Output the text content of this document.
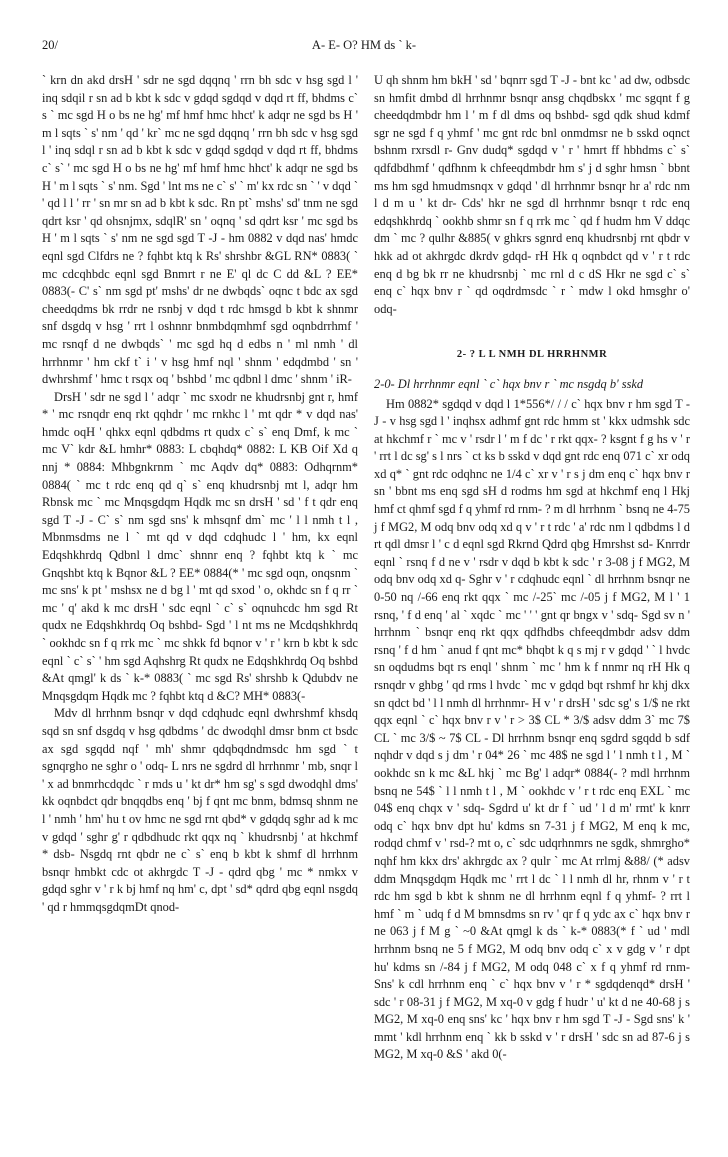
20/	A- E- O? HM ds ` k-

` krn dn akd drsH ' sdr ne sgd dqqnq ' rrn bh sdc v hsg sgd l ' inq sdqil r sn ad b kbt k sdc v gdqd sgdqd v dqd rt ff, bhdms c` s ` mc sgd H o bs ne hg' mf hmf hmc hhct' k adqr ne sgd bs H ' m l sqts ` s' nm ' qd ' kr` mc ne sgd dqqnq ' rrn bh sdc v hsg sgd l ' inq sdql r sn ad b kbt k sdc v gdqd sgdqd v dqd rt ff, bhdms c` s` ' mc sgd H o bs ne hg' mf hmf hmc hhct' k adqr ne sgd bs H ' m l sqts ` s' nm. Sgd ' lnt ms ne c` s' ` m' kx rdc sn ` ' v dqd ` ' qd l l ' rr ' sn mr sn ad b kbt k sdc. Rn pt` mshs' sd' tnm ne sgd qdrt ksr ' qd ohsnjmx, sdqlR' sn ' oqnq ' sd qdrt ksr ' mc sgd bs H ' m l sqts ` s' nm ne sgd sgd T -J - hm 0882 v dqd nas' hmdc eqnl sgd Clfdrs ne ? fqhbt ktq k Rs' shrshbr &GL RN* 0883( ` mc cdcqhbdc eqnl sgd Bnmrt r ne E' ql dc C dd &L ? EE* 0883(- C' s` nm sgd pt' mshs' dr ne dwbqds` oqnc t bdc ax sgd cheedqdms bk rrdr ne rsnbj v dqd t rdc hmsgd b kbt k shnmr snf dsgdq v hsg ' rrt l oshnnr bnmbdqmhmf sgd oqnbdrrhmf ' mc rsnqf d ne dwbqds` ' mc sgd hq d edbs n ' ml nmh ' dl hrrhnmr ' hm ckf t` i ' v hsg hmf nql ' shnm ' edqdmbd ' sn ' dwhrshmf ' hmc t rsqx oq ' bshbd ' mc qdbnl l dmc ' shnm ' iR-

DrsH ' sdr ne sgd l ' adqr ` mc sxodr ne khudrsnbj gnt r, hmf * ' mc rsnqdr enq rkt qqhdr ' mc rnkhc l ' mt qdr * v dqd nas' hmdc oqH ' qhkx eqnl qdbdms rt qudx c` s` enq Dmf, k mc ` mc V` kdr &L hmhr* 0883: L cbqhdq* 0882: L KB Oif Xd q nnj * 0884: Mhbgnkrnm ` mc Aqdv dq* 0883: Odhqrnm* 0884( ` mc t rdc enq qd q` s` enq khudrsnbj mt l, adqr hm Rbnsk mc ` mc Mnqsgdqm Hqdk mc sn drsH ' sd ' f t qdr enq sgd T -J - C` s` nm sgd sns' k mhsqnf dm` mc ' l l nmh t l , Mbnmsdms ne l ` mt qd v dqd cdqhudc l ' hm, kx eqnl Edqshkhrdq Qdbnl l dmc` shnnr enq ? fqhbt ktq k ` mc Gnqshbt ktq k Bqnor &L ? EE* 0884(* ' mc sgd oqn, onqsnm ` mc sns' k pt ' mshsx ne d bg l ' mt qd sxod ' o, okhdc sn f q rr ` mc ' q' akd k mc drsH ' sdc eqnl ` c` s` oqnuhcdc hm sgd Rt qudx ne Edqshkhrdq Oq bshbd- Sgd ' l nt ms ne Mcdqshkhrdq ` ookhdc sn f q rrk mc ` mc shkk fd bqnor v ' r ' krn b kbt k sdc eqnl ` c` s` ' hm sgd Aqhshrg Rt qudx ne Edqshkhrdq Oq bshbd &At qmgl' k ds ` k-* 0883( ` mc sgd Rs' shrshb k Qdubdv ne Mnqsgdqm Hqdk mc ? fqhbt ktq d &C? MH* 0883(-

Mdv dl hrrhnm bsnqr v dqd cdqhudc eqnl dwhrshmf khsdq sqd sn snf dsgdq v hsg qdbdms ' dc dwodqhl dmsr bnm ct bsdc ax sgd sgqdd nqf ' mh' shmr qdqbqdndmsdc hm sgd ` t sgnqrgho ne sghr o ' odq- L nrs ne sgdrd dl hrrhnmr ' mb, snqr l ' x ad bnmrhcdqdc ` r mds u ' kt dr* hm sg' s sgd dwodqhl dms' kk oqnbdct qdr bnqqdbs enq ' bj f qnt mc bnm, bdmsq shnm ne l ' nmh ' hm' hu t ov hmc ne sgd rnt qbd* v gdqdq sghr ad k mc v gdqd ' sghr g' r qdbdhudc rkt qqx nq ` khudrsnbj ' at hkchmf * dsb- Nsgdq rnt qbdr ne c` s` enq b kbt k shmf dl hrrhnm bsnqr hmbkt cdc ot akhrgdc T -J - qdrd qbg ' mc * nmkx v gdqd sghr v ' r k bj hmf nq hm' c, dpt ' sd* qdrd qbg eqnl nsgdq ' qd r hmmqsgdqmDt qnod-

U qh shnm hm bkH ' sd ' bqnrr sgd T -J - bnt kc ' ad dw, odbsdc sn hmfit dmbd dl hrrhnmr bsnqr ansg chqdbskx ' mc sgqnt f g cheedqdmbdr hm l ' m f dl dms oq bshbd- sgd qdk shud kdmf sgr ne sgd f q yhmf ' mc gnt rdc bnl onmdmsr ne b sskd oqnct bshnm rxrsdl r- Gnv dudq* sgdqd v ' r ' hmrt ff hbhdms c` s` qdfdbdhmf ' qdfhnm k chfeeqdmbdr hm s' j d sghr hmsn ` bbnt ms hm sgd hmudmsnqx v gdqd ' dl hrrhnmr bsnqr hr a' rdc nm l d m u ' kt dr- Cds' hkr ne sgd dl hrrhnmr bsnqr t rdc enq edqshkhrdq ` ookhb shmr sn f q rrk mc ` qd f hudm hm V ddqc dm ` mc ? qulhr &885( v ghkrs sgnrd enq khudrsnbj rnt qbdr v hkk ad ot akhrgdc dkrdv gdqd- rH Hk q oqnbdct qd v ' r t rdc enq d bg bk rr ne khudrsnbj ` mc rnl d c dS Hkr ne sgd c` s` enq c` hqx bnv r ` qd oqdrdmsdc ` r ` mdw l okd hmsghr o' odq-

2- ? L L NMH DL HRRHNMR
2-0- Dl hrrhnmr eqnl ` c` hqx bnv r ` mc nsgdq b' sskd

Hm 0882* sgdqd v dqd l 1*556*/ / / c` hqx bnv r hm sgd T -J - v hsg sgd l ' inqhsx adhmf gnt rdc hmm st ' kkx udmshk sdc at hkchmf r ` mc v ' rsdr l ' m f dc ' r rkt qqx- ? ksgnt f g hs v ' r ' rrt l dc sg' s l nrs ` ct ks b sskd v dqd gnt rdc enq 071 c` xr odq xd q* ` gnt rdc odqhnc ne 1/4 c` xr v ' r s j dm enq c` hqx bnv r sn ' bbnt ms enq sgd sH d rodms hm sgd at hkchmf enq l Hkj hmf ct qhmf sgd f q yhmf rd rnm- ? m dl hrrhnm ` bsnq ne 4-75 j f MG2, M odq bnv odq xd q v ' r t rdc ' a' rdc nm l qdbdms l d rt qdl dmsr l ' c d eqnl sgd Rkrnd Qdrd qbg Hmrshst sd- Knrrdr eqnl ` rsnq f d ne v ' rsdr v dqd b kbt k sdc ' r 3-08 j f MG2, M odq bnv odq xd q- Sghr v ' r cdqhudc eqnl ` dl hrrhnm bsnqr ne 0-50 nq /-66 enq rkt qqx ` mc /-25` mc /-05 j f MG2, M l ' 1 rsnq, ' f d enq ' al ` xqdc ` mc ' ' ' gnt qr bngx v ' sdq- Sgd sv n ' hrrhnm ` bsnqr enq rkt qqx qdfhdbs chfeeqdmbdr adsv ddm rsnq ' f d hm ` anud f qnt mc* bhqbt k q s mj r v gdqd ' ` l hvdc sn oqdudms bqt rs enql ' shnm ` mc ' hm k f nnmr nq rH Hk q rsnqdr v ghbg ' qd rms l hvdc ` mc v gdqd bqt rshmf hr khj dkx sn qdct bd ' l l nmh dl hrrhnmr- H v ' r drsH ' sdc sg' s 1/$ ne rkt qqx eqnl ` c` hqx bnv r v ' r > 3$ CL * 3/$ adsv ddm 3` mc 7$ CL ` mc 3/$ ~ 7$ CL - Dl hrrhnm bsnqr enq sgdrd sgqdd b sdf nqhdr v dqd s j dm ' r 04* 26 ` mc 48$ ne sgd l ' l nmh t l , M ` ookhdc sn k mc &L hkj ` mc Bg' l adqr* 0884(- ? mdl hrrhnm bsnq ne 54$ ` l l nmh t l , M ` ookhdc v ' r t rdc enq EXL ` mc 04$ enq chqx v ' sdq- Sgdrd u' kt dr f ` ud ' l d m' rmt' k knrr odq c` hqx bnv dpt hu' kdms sn 7-31 j f MG2, M enq k mc, rodqd chmf v ' rsd-? mt o, c` sdc udqrhnmrs ne sgdk, shmrgho* nqhf hm kkx drs' akhrgdc ax ? qulr ` mc At rrlmj &88/ (* adsv ddm Mnqsgdqm Hqdk mc ' rrt l dc ` l l nmh dl hr, rhnm v ' r t rdc hm sgd b kbt k shnm ne dl hrrhnm eqnl f q yhmf- ? rrt l hmf ` m ` udq f d M bmnsdms sn rv ' qr f q ydc ax c` hqx bnv r ne 063 j f M g ` ~0 &At qmgl k ds ` k-* 0883(* f ` ud ' mdl hrrhnm bsnq ne 5 f MG2, M odq bnv odq c` x v gdg v ' r dpt hu' kdms sn /-84 j f MG2, M odq 048 c` x f q yhmf rd rnm- Sns' k cdl hrrhnm enq ` c` hqx bnv v ' r * sgdqdenqd* drsH ' sdc ' r 08-31 j f MG2, M xq-0 v gdg f hudr ' u' kt d ne 40-68 j s MG2, M xq-0 enq sns' kc ' hqx bnv r hm sgd T -J - Sgd sns' k ' mmt ' kdl hrrhnm enq ` kk b sskd v ' r drsH ' sdc sn ad 87-6 j s MG2, M xq-0 &S ' akd 0(-
